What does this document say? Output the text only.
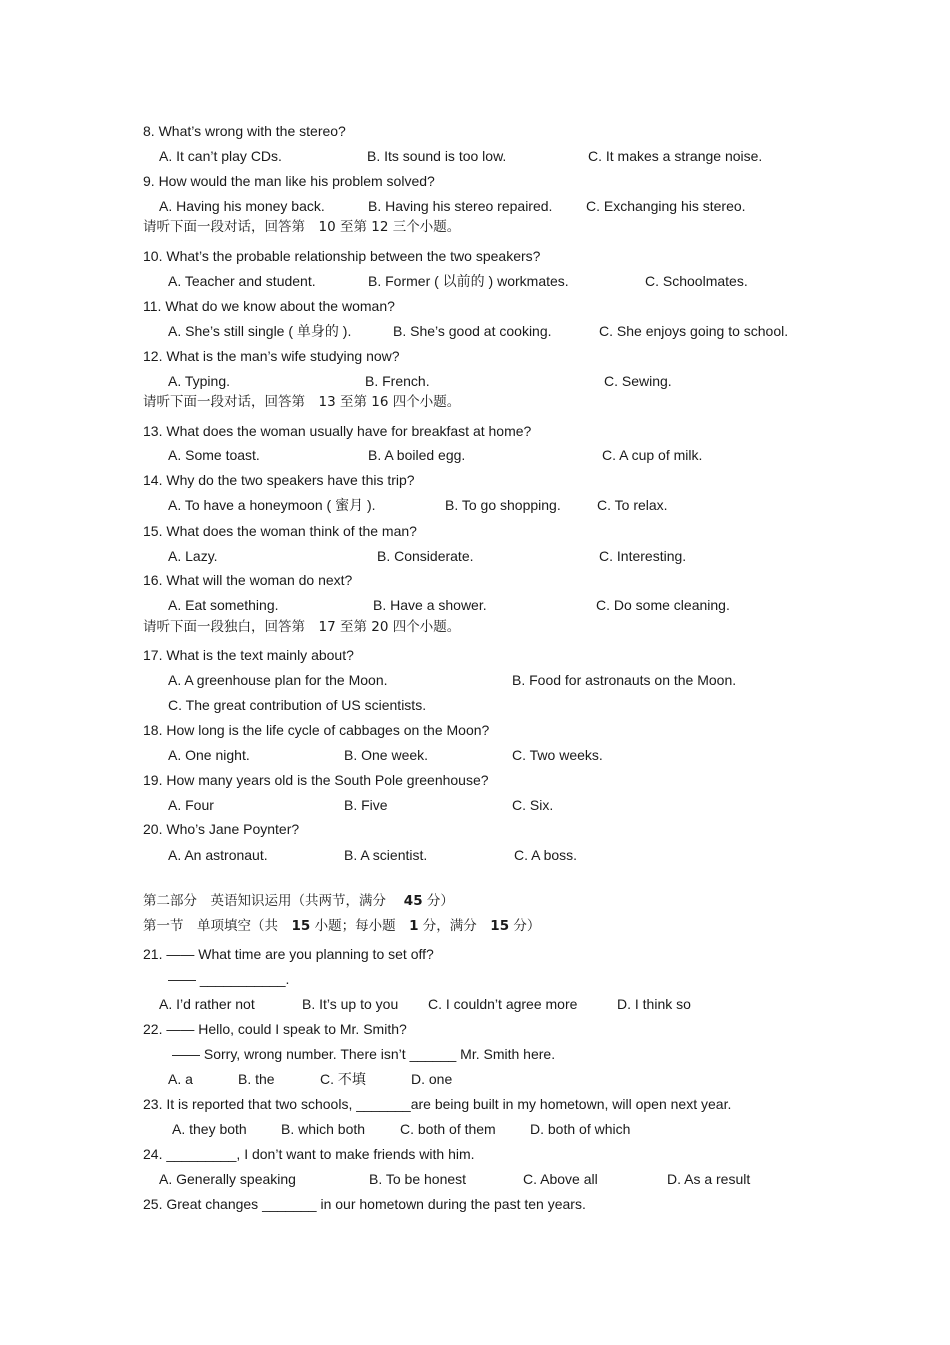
8. What’s wrong with the stereo?
A. It can’t play CDs.	B. Its sound is too low.	C. It makes a strange noise.
9. How would the man like his problem solved?
A. Having his money back.	B. Having his stereo repaired. C. Exchanging his stereo.
请听下面一段对话，回答第　10 至第 12 三个小题。
10. What’s the probable relationship between the two speakers?
A. Teacher and student.	B. Former ( 以前的 ) workmates.	C. Schoolmates.
11. What do we know about the woman?
A. She’s still single ( 单身的 ).	B. She’s good at cooking.	C. She enjoys going to school.
12. What is the man’s wife studying now?
A. Typing.	B. French.	C. Sewing.
请听下面一段对话，回答第　13 至第 16 四个小题。
13. What does the woman usually have for breakfast at home?
A. Some toast.	B. A boiled egg.	C. A cup of milk.
14. Why do the two speakers have this trip?
A. To have a honeymoon ( 蜜月 ).	B. To go shopping.	C. To relax.
15. What does the woman think of the man?
A. Lazy.	B. Considerate.	C. Interesting.
16. What will the woman do next?
A. Eat something.	B. Have a shower.	C. Do some cleaning.
请听下面一段独白，回答第　17 至第 20 四个小题。
17. What is the text mainly about?
A. A greenhouse plan for the Moon.	B. Food for astronauts on the Moon.
C. The great contribution of US scientists.
18. How long is the life cycle of cabbages on the Moon?
A. One night.	B. One week.	C. Two weeks.
19. How many years old is the South Pole greenhouse?
A. Four	B. Five	C. Six.
20. Who’s Jane Poynter?
A. An astronaut.	B. A scientist.	C. A boss.
第二部分　英语知识运用（共两节，满分　 45 分）
第一节　单项填空（共　 15 小题；每小题　 1 分，满分　 15 分）
21. —— What time are you planning to set off?
—— ___________.
A. I’d rather not	B. It’s up to you C. I couldn’t agree more	D. I think so
22. —— Hello, could I speak to Mr. Smith?
—— Sorry, wrong number. There isn’t ______ Mr. Smith here.
A. a	B. the	C. 不填	D. one
23. It is reported that two schools, _______are being built in my hometown, will open next year.
A. they both B. which both C. both of them D. both of which
24. _________, I don’t want to make friends with him.
A. Generally speaking	B. To be honest	C. Above all	D. As a result
25. Great changes _______ in our hometown during the past ten years.
